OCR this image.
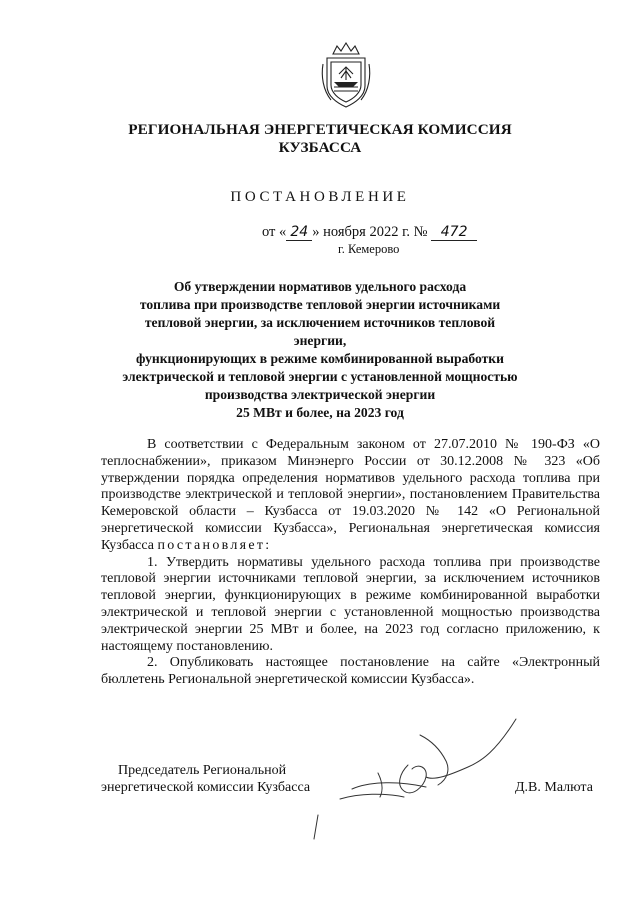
РЕГИОНАЛЬНАЯ ЭНЕРГЕТИЧЕСКАЯ КОМИССИЯ
КУЗБАССА
ПОСТАНОВЛЕНИЕ
от « 24 » ноября 2022 г. № 472
г. Кемерово
Об утверждении нормативов удельного расхода
топлива при производстве тепловой энергии источниками
тепловой энергии, за исключением источников тепловой энергии,
функционирующих в режиме комбинированной выработки
электрической и тепловой энергии с установленной мощностью
производства электрической энергии
25 МВт и более, на 2023 год

В соответствии с Федеральным законом от 27.07.2010 № 190-ФЗ «О теплоснабжении», приказом Минэнерго России от 30.12.2008 № 323 «Об утверждении порядка определения нормативов удельного расхода топлива при производстве электрической и тепловой энергии», постановлением Правительства Кемеровской области – Кузбасса от 19.03.2020 № 142 «О Региональной энергетической комиссии Кузбасса», Региональная энергетическая комиссия Кузбасса постановляет:

1. Утвердить нормативы удельного расхода топлива при производстве тепловой энергии источниками тепловой энергии, за исключением источников тепловой энергии, функционирующих в режиме комбинированной выработки электрической и тепловой энергии с установленной мощностью производства электрической энергии 25 МВт и более, на 2023 год согласно приложению, к настоящему постановлению.

2. Опубликовать настоящее постановление на сайте «Электронный бюллетень Региональной энергетической комиссии Кузбасса».

Председатель Региональной
энергетической комиссии Кузбасса	Д.В. Малюта
